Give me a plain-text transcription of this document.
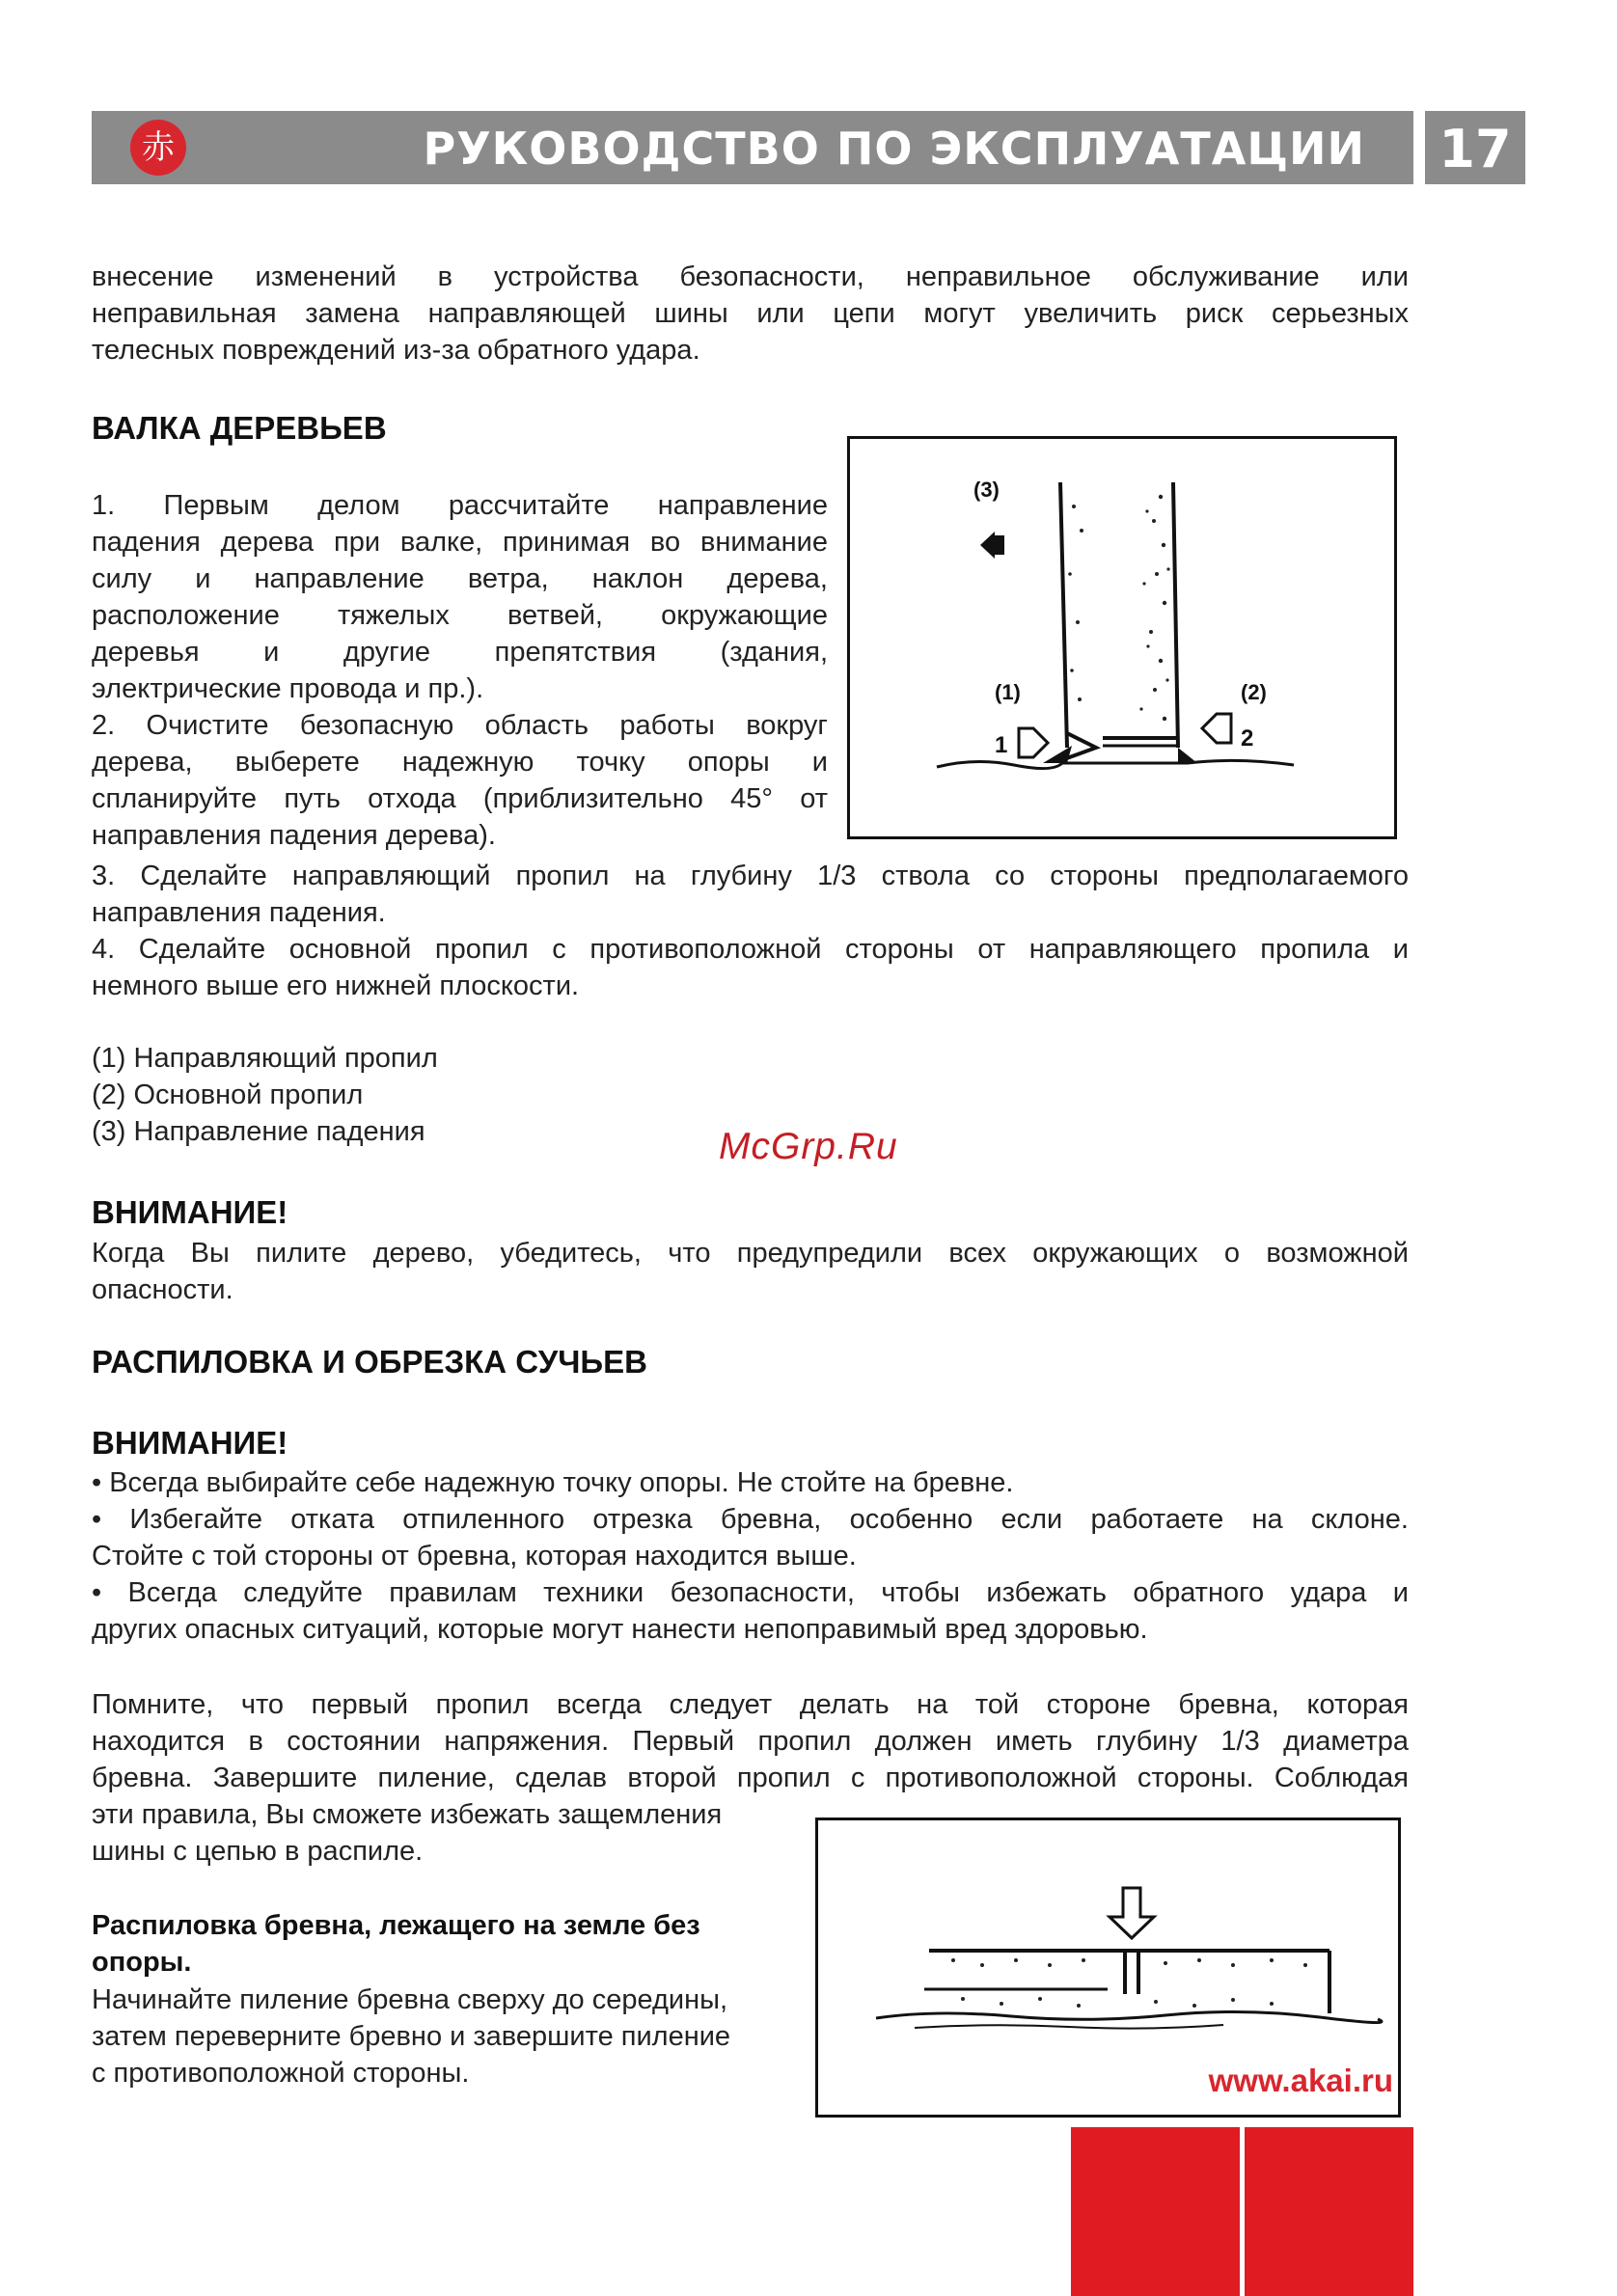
赤	РУКОВОДСТВО ПО ЭКСПЛУАТАЦИИ 17
внесение изменений в устройства безопасности, неправильное обслуживание или
неправильная замена направляющей шины или цепи могут увеличить риск серьезных
телесных повреждений из-за обратного удара.
ВАЛКА ДЕРЕВЬЕВ
1. Первым делом рассчитайте направление
падения дерева при валке, принимая во внимание
силу и направление ветра, наклон дерева,
расположение тяжелых ветвей, окружающие
деревья и другие препятствия (здания,
электрические провода и пр.).
2. Очистите безопасную область работы вокруг
дерева, выберете надежную точку опоры и
спланируйте путь отхода (приблизительно 45° от
направления падения дерева).
(3)
(1)
1
(2)
2
3. Сделайте направляющий пропил на глубину 1/3 ствола со стороны предполагаемого
направления падения.
4. Сделайте основной пропил с противоположной стороны от направляющего пропила и
немного выше его нижней плоскости.
(1) Направляющий пропил
(2) Основной пропил
(3) Направление падения	McGrp.Ru
ВНИМАНИЕ!
Когда Вы пилите дерево, убедитесь, что предупредили всех окружающих о возможной
опасности.
РАСПИЛОВКА И ОБРЕЗКА СУЧЬЕВ
ВНИМАНИЕ!
• Всегда выбирайте себе надежную точку опоры. Не стойте на бревне.
• Избегайте отката отпиленного отрезка бревна, особенно если работаете на склоне.
Стойте с той стороны от бревна, которая находится выше.
• Всегда следуйте правилам техники безопасности, чтобы избежать обратного удара и
других опасных ситуаций, которые могут нанести непоправимый вред здоровью.
Помните, что первый пропил всегда следует делать на той стороне бревна, которая
находится в состоянии напряжения. Первый пропил должен иметь глубину 1/3 диаметра
бревна. Завершите пиление, сделав второй пропил с противоположной стороны. Соблюдая
эти правила, Вы сможете избежать защемления
шины с цепью в распиле.
Распиловка бревна, лежащего на земле без
опоры.
Начинайте пиление бревна сверху до середины,
затем переверните бревно и завершите пиление
с противоположной стороны.	www.akai.ru
